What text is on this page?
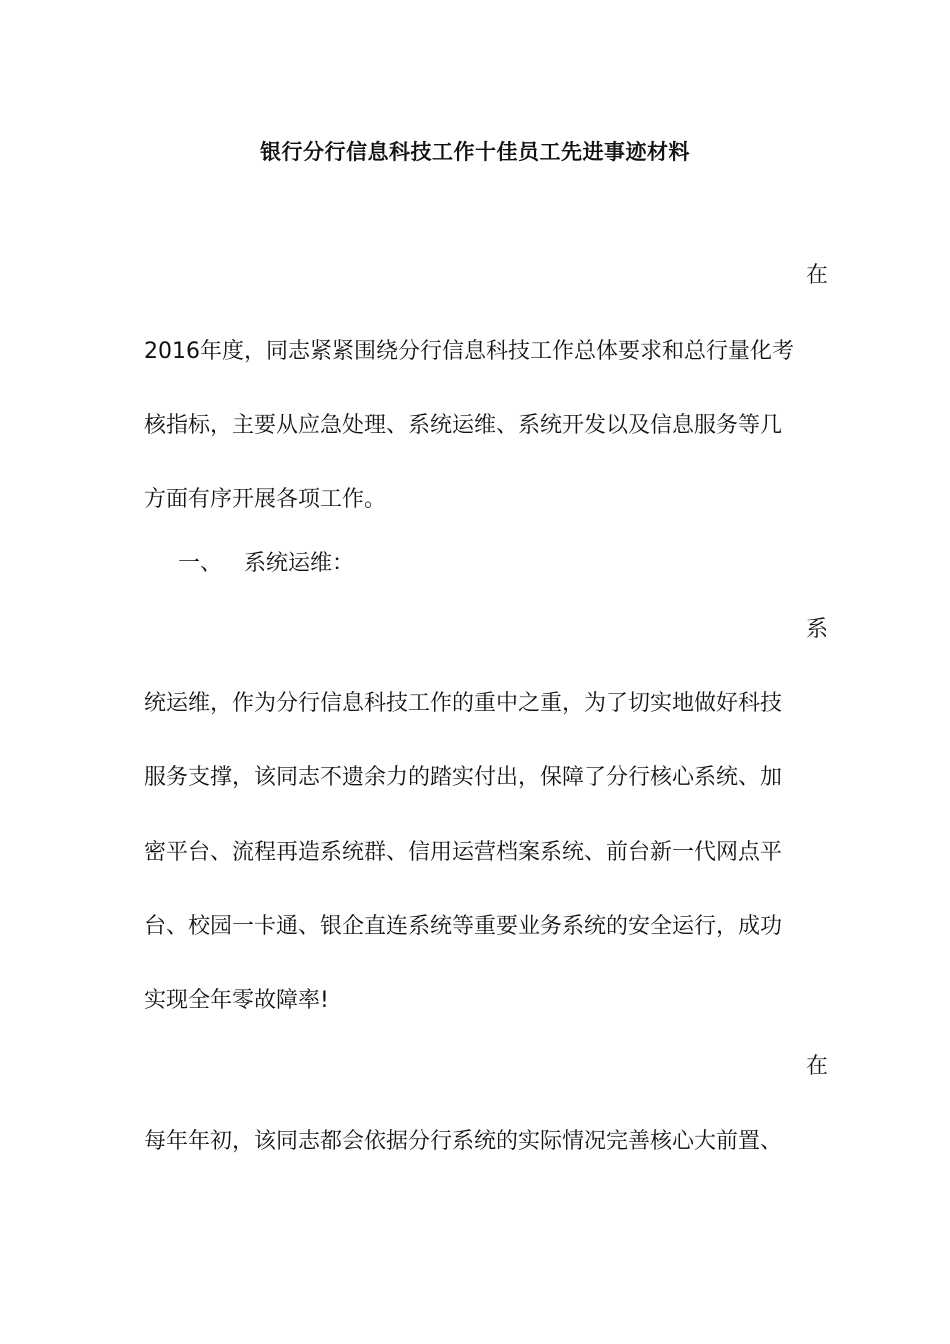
银行分行信息科技工作十佳员工先进事迹材料
在
2016年度，同志紧紧围绕分行信息科技工作总体要求和总行量化考
核指标，主要从应急处理、系统运维、系统开发以及信息服务等几
方面有序开展各项工作。
一、 系统运维：
系
统运维，作为分行信息科技工作的重中之重，为了切实地做好科技
服务支撑，该同志不遗余力的踏实付出，保障了分行核心系统、加
密平台、流程再造系统群、信用运营档案系统、前台新一代网点平
台、校园一卡通、银企直连系统等重要业务系统的安全运行，成功
实现全年零故障率!
在
每年年初，该同志都会依据分行系统的实际情况完善核心大前置、
